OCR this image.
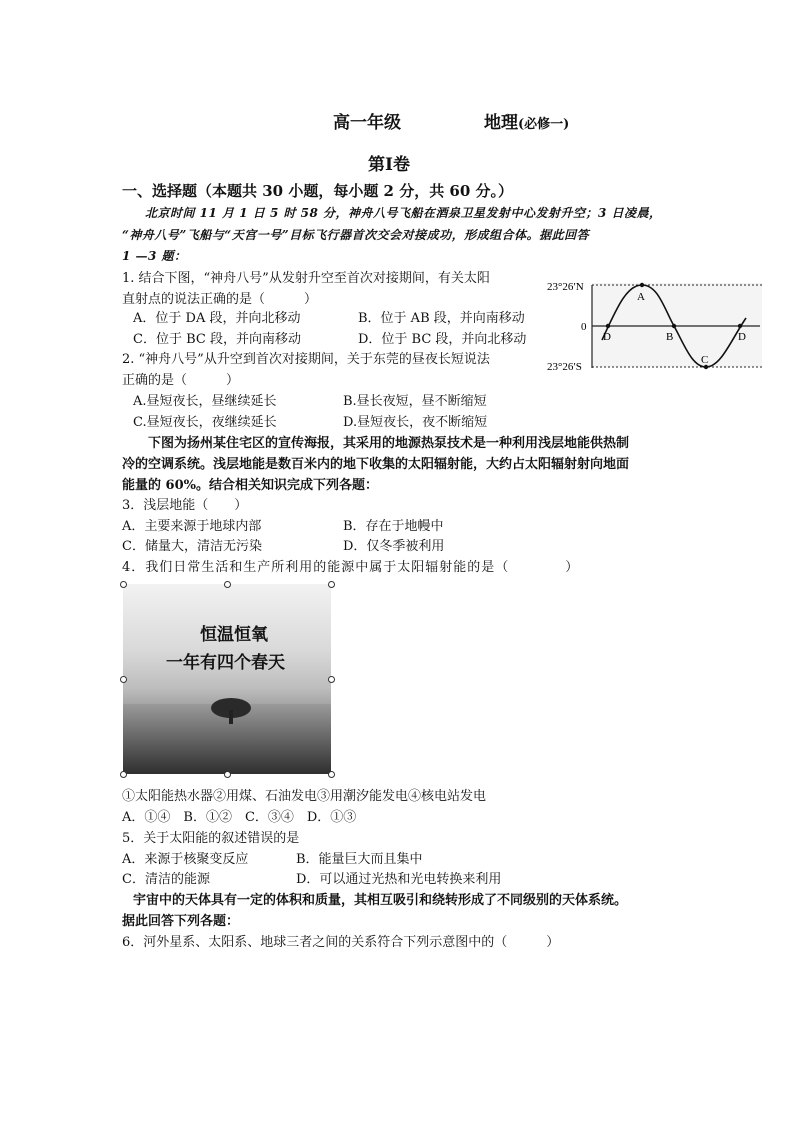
高一年级	地理(必修一)
第Ⅰ卷
一、选择题（本题共 30 小题，每小题 2 分，共 60 分。）
北京时间 11 月 1 日 5 时 58 分，神舟八号飞船在酒泉卫星发射中心发射升空；3 日凌晨，
“神舟八号”飞船与“天宫一号”目标飞行器首次交会对接成功，形成组合体。据此回答
1 —3 题：
1. 结合下图，“神舟八号”从发射升空至首次对接期间，有关太阳
直射点的说法正确的是（　　　）
A．位于 DA 段，并向北移动	B．位于 AB 段，并向南移动
C．位于 BC 段，并向南移动	D．位于 BC 段，并向北移动
23°26′N
0
23°26′S
A
B
C
D	D
2. “神舟八号”从升空到首次对接期间，关于东莞的昼夜长短说法
正确的是（　　　）
A.昼短夜长，昼继续延长	B.昼长夜短，昼不断缩短
C.昼短夜长，夜继续延长	D.昼短夜长，夜不断缩短
下图为扬州某住宅区的宣传海报，其采用的地源热泵技术是一种利用浅层地能供热制
冷的空调系统。浅层地能是数百米内的地下收集的太阳辐射能，大约占太阳辐射射向地面
能量的 60%。结合相关知识完成下列各题：
3．浅层地能（　　）
A．主要来源于地球内部	B．存在于地幔中
C．储量大，清洁无污染	D．仅冬季被利用
4．我们日常生活和生产所利用的能源中属于太阳辐射能的是（　　　　）
恒温恒氧
一年有四个春天
①太阳能热水器②用煤、石油发电③用潮汐能发电④核电站发电
A．①④　B．①②　C．③④　D．①③
5．关于太阳能的叙述错误的是
A．来源于核聚变反应	B．能量巨大而且集中
C．清洁的能源	D．可以通过光热和光电转换来利用
宇宙中的天体具有一定的体积和质量，其相互吸引和绕转形成了不同级别的天体系统。
据此回答下列各题：
6．河外星系、太阳系、地球三者之间的关系符合下列示意图中的（　　　）
